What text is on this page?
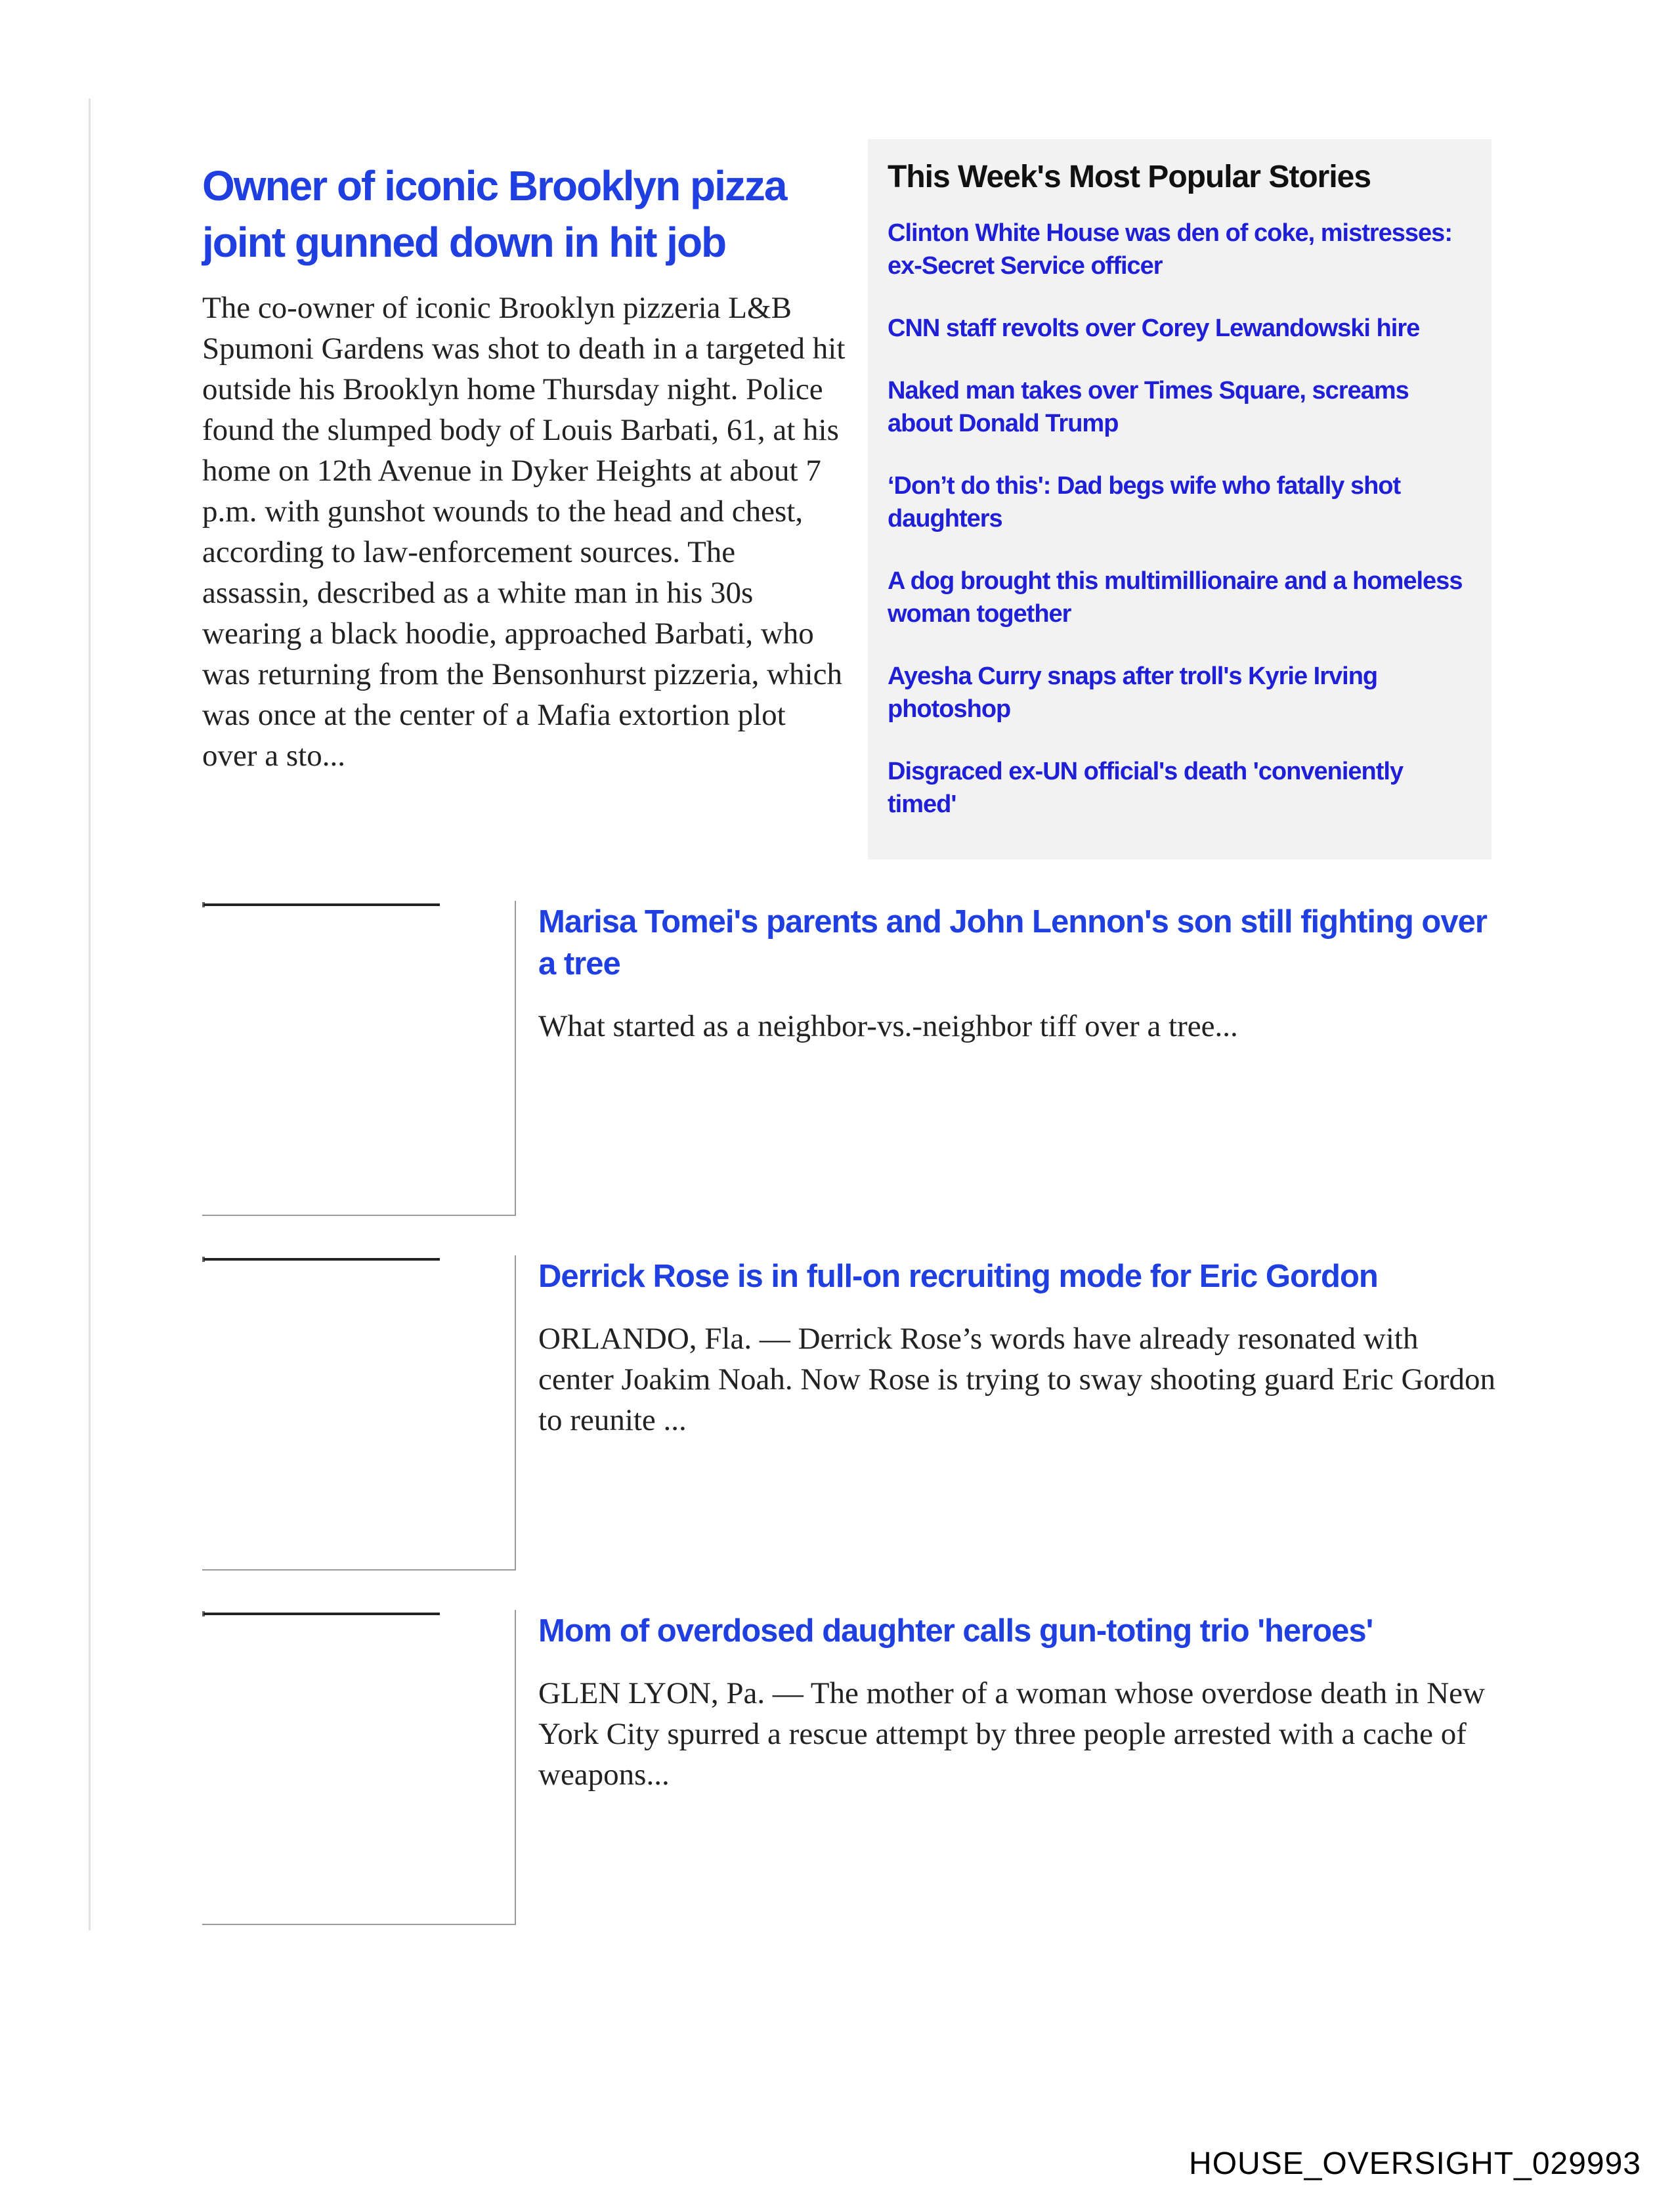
Owner of iconic Brooklyn pizza joint gunned down in hit job

The co-owner of iconic Brooklyn pizzeria L&B Spumoni Gardens was shot to death in a targeted hit outside his Brooklyn home Thursday night. Police found the slumped body of Louis Barbati, 61, at his home on 12th Avenue in Dyker Heights at about 7 p.m. with gunshot wounds to the head and chest, according to law-enforcement sources. The assassin, described as a white man in his 30s wearing a black hoodie, approached Barbati, who was returning from the Bensonhurst pizzeria, which was once at the center of a Mafia extortion plot over a sto...

This Week's Most Popular Stories
Clinton White House was den of coke, mistresses: ex-Secret Service officer
CNN staff revolts over Corey Lewandowski hire
Naked man takes over Times Square, screams about Donald Trump
‘Don’t do this': Dad begs wife who fatally shot daughters
A dog brought this multimillionaire and a homeless woman together
Ayesha Curry snaps after troll's Kyrie Irving photoshop
Disgraced ex-UN official's death 'conveniently timed'
Marisa Tomei's parents and John Lennon's son still fighting over a tree

What started as a neighbor-vs.-neighbor tiff over a tree...

Derrick Rose is in full-on recruiting mode for Eric Gordon

ORLANDO, Fla. — Derrick Rose’s words have already resonated with center Joakim Noah. Now Rose is trying to sway shooting guard Eric Gordon to reunite ...

Mom of overdosed daughter calls gun-toting trio 'heroes'

GLEN LYON, Pa. — The mother of a woman whose overdose death in New York City spurred a rescue attempt by three people arrested with a cache of weapons...

HOUSE_OVERSIGHT_029993
